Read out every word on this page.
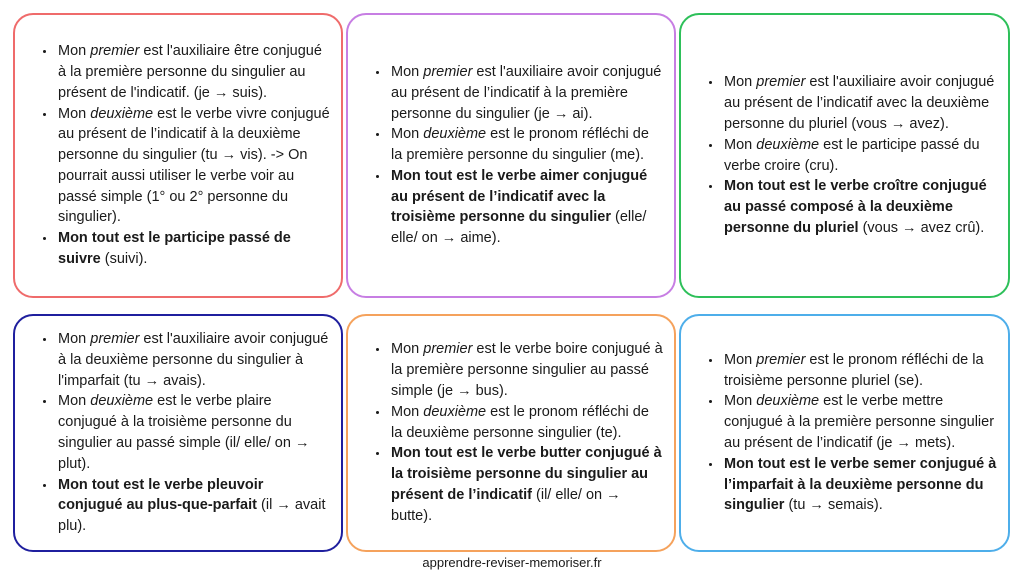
• Mon premier est l'auxiliaire être conjugué à la première personne du singulier au présent de l'indicatif. (je → suis).
• Mon deuxième est le verbe vivre conjugué au présent de l’indicatif à la deuxième personne du singulier (tu → vis). -> On pourrait aussi utiliser le verbe voir au passé simple (1° ou 2° personne du singulier).
• Mon tout est le participe passé de suivre (suivi).
• Mon premier est l'auxiliaire avoir conjugué au présent de l’indicatif à la première personne du singulier (je → ai).
• Mon deuxième est le pronom réfléchi de la première personne du singulier (me).
• Mon tout est le verbe aimer conjugué au présent de l’indicatif avec la troisième personne du singulier (elle/ elle/ on → aime).
• Mon premier est l'auxiliaire avoir conjugué au présent de l’indicatif avec la deuxième personne du pluriel (vous → avez).
• Mon deuxième est le participe passé du verbe croire (cru).
• Mon tout est le verbe croître conjugué au passé composé à la deuxième personne du pluriel (vous → avez crû).
• Mon premier est l'auxiliaire avoir conjugué à la deuxième personne du singulier à l'imparfait (tu → avais).
• Mon deuxième est le verbe plaire conjugué à la troisième personne du singulier au passé simple (il/ elle/ on → plut).
• Mon tout est le verbe pleuvoir conjugué au plus-que-parfait (il → avait plu).
• Mon premier est le verbe boire conjugué à la première personne singulier au passé simple (je → bus).
• Mon deuxième est le pronom réfléchi de la deuxième personne singulier (te).
• Mon tout est le verbe butter conjugué à la troisième personne du singulier au présent de l’indicatif (il/ elle/ on → butte).
• Mon premier est le pronom réfléchi de la troisième personne pluriel (se).
• Mon deuxième est le verbe mettre conjugué à la première personne singulier au présent de l’indicatif (je → mets).
• Mon tout est le verbe semer conjugué à l’imparfait à la deuxième personne du singulier (tu → semais).
apprendre-reviser-memoriser.fr
